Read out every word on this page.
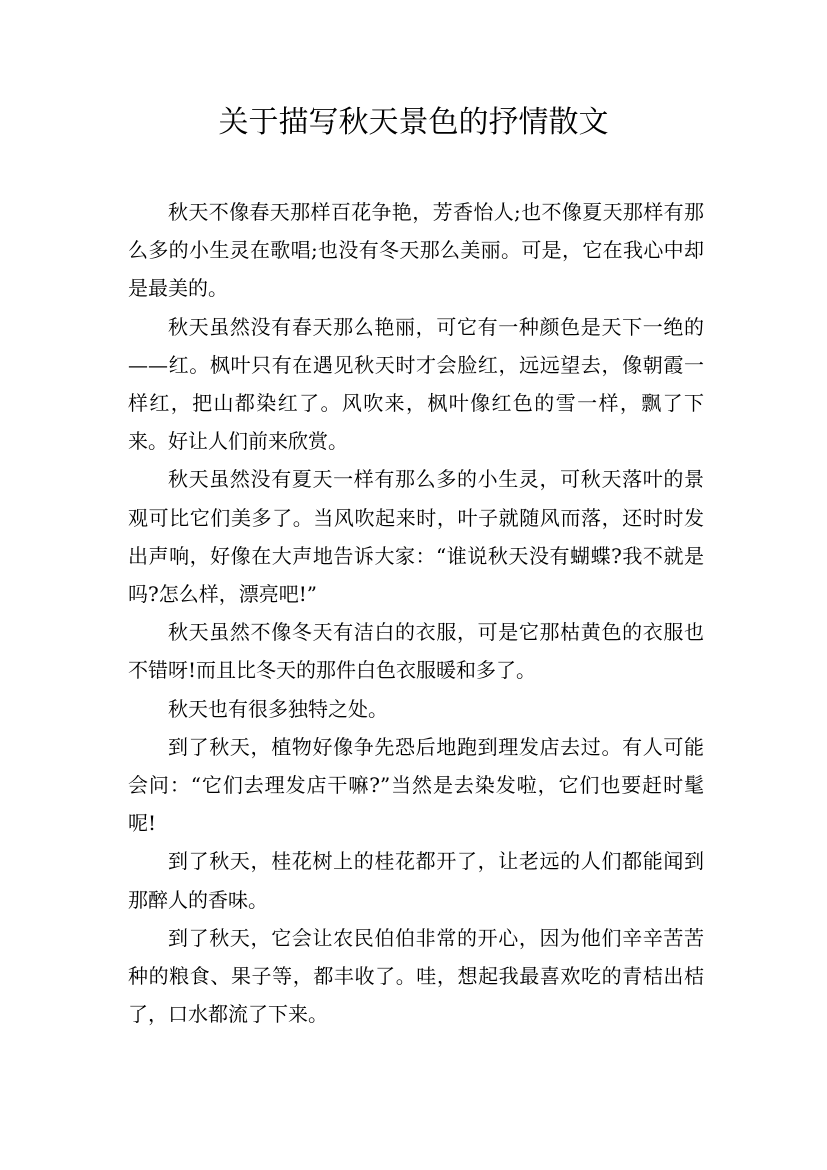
关于描写秋天景色的抒情散文

秋天不像春天那样百花争艳，芳香怡人;也不像夏天那样有那么多的小生灵在歌唱;也没有冬天那么美丽。可是，它在我心中却是最美的。

秋天虽然没有春天那么艳丽，可它有一种颜色是天下一绝的——红。枫叶只有在遇见秋天时才会脸红，远远望去，像朝霞一样红，把山都染红了。风吹来，枫叶像红色的雪一样，飘了下来。好让人们前来欣赏。

秋天虽然没有夏天一样有那么多的小生灵，可秋天落叶的景观可比它们美多了。当风吹起来时，叶子就随风而落，还时时发出声响，好像在大声地告诉大家：“谁说秋天没有蝴蝶?我不就是吗?怎么样，漂亮吧!”

秋天虽然不像冬天有洁白的衣服，可是它那枯黄色的衣服也不错呀!而且比冬天的那件白色衣服暖和多了。

秋天也有很多独特之处。

到了秋天，植物好像争先恐后地跑到理发店去过。有人可能会问：“它们去理发店干嘛?”当然是去染发啦，它们也要赶时髦呢!

到了秋天，桂花树上的桂花都开了，让老远的人们都能闻到那醉人的香味。

到了秋天，它会让农民伯伯非常的开心，因为他们辛辛苦苦种的粮食、果子等，都丰收了。哇，想起我最喜欢吃的青桔出桔了，口水都流了下来。
